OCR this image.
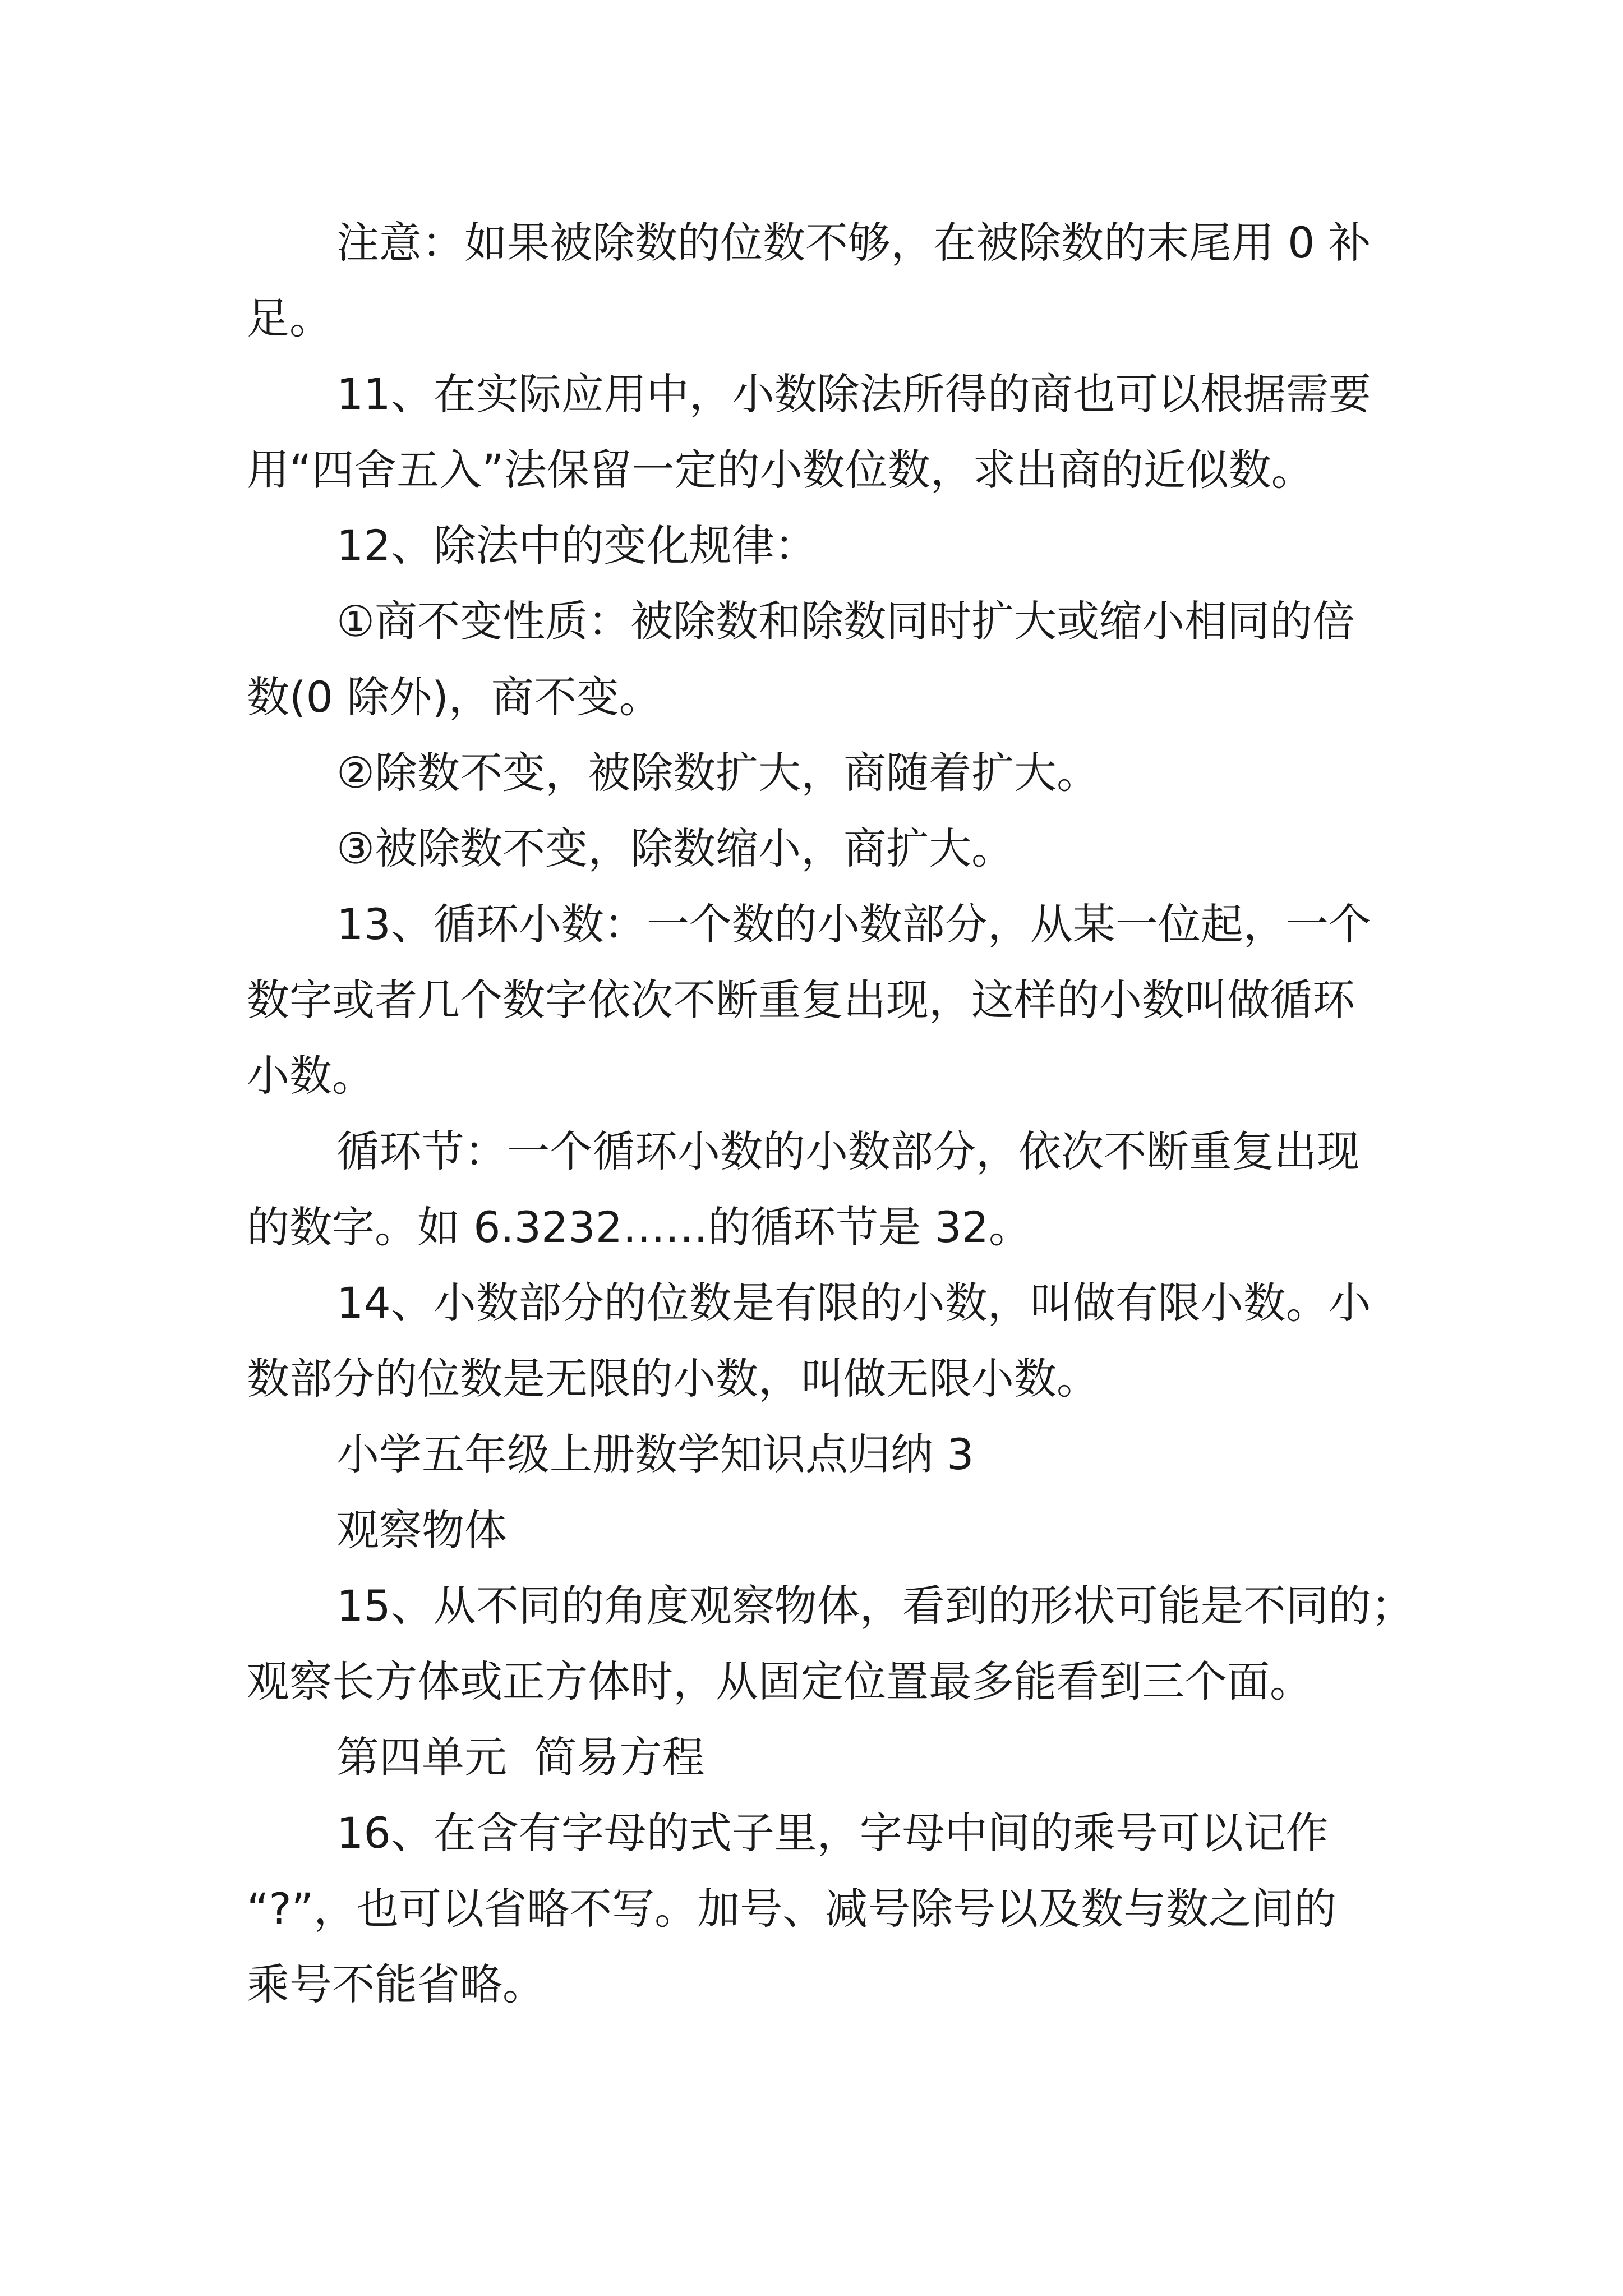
注意：如果被除数的位数不够，在被除数的末尾用 0 补
足。
11、在实际应用中，小数除法所得的商也可以根据需要
用“四舍五入”法保留一定的小数位数，求出商的近似数。
12、除法中的变化规律：
①商不变性质：被除数和除数同时扩大或缩小相同的倍
数(0 除外)，商不变。
②除数不变，被除数扩大，商随着扩大。
③被除数不变，除数缩小，商扩大。
13、循环小数：一个数的小数部分，从某一位起，一个
数字或者几个数字依次不断重复出现，这样的小数叫做循环
小数。
循环节：一个循环小数的小数部分，依次不断重复出现
的数字。如 6.3232……的循环节是 32。
14、小数部分的位数是有限的小数，叫做有限小数。小
数部分的位数是无限的小数，叫做无限小数。
小学五年级上册数学知识点归纳 3
观察物体
15、从不同的角度观察物体，看到的形状可能是不同的；
观察长方体或正方体时，从固定位置最多能看到三个面。
第四单元  简易方程
16、在含有字母的式子里，字母中间的乘号可以记作
“?”，也可以省略不写。加号、减号除号以及数与数之间的
乘号不能省略。
